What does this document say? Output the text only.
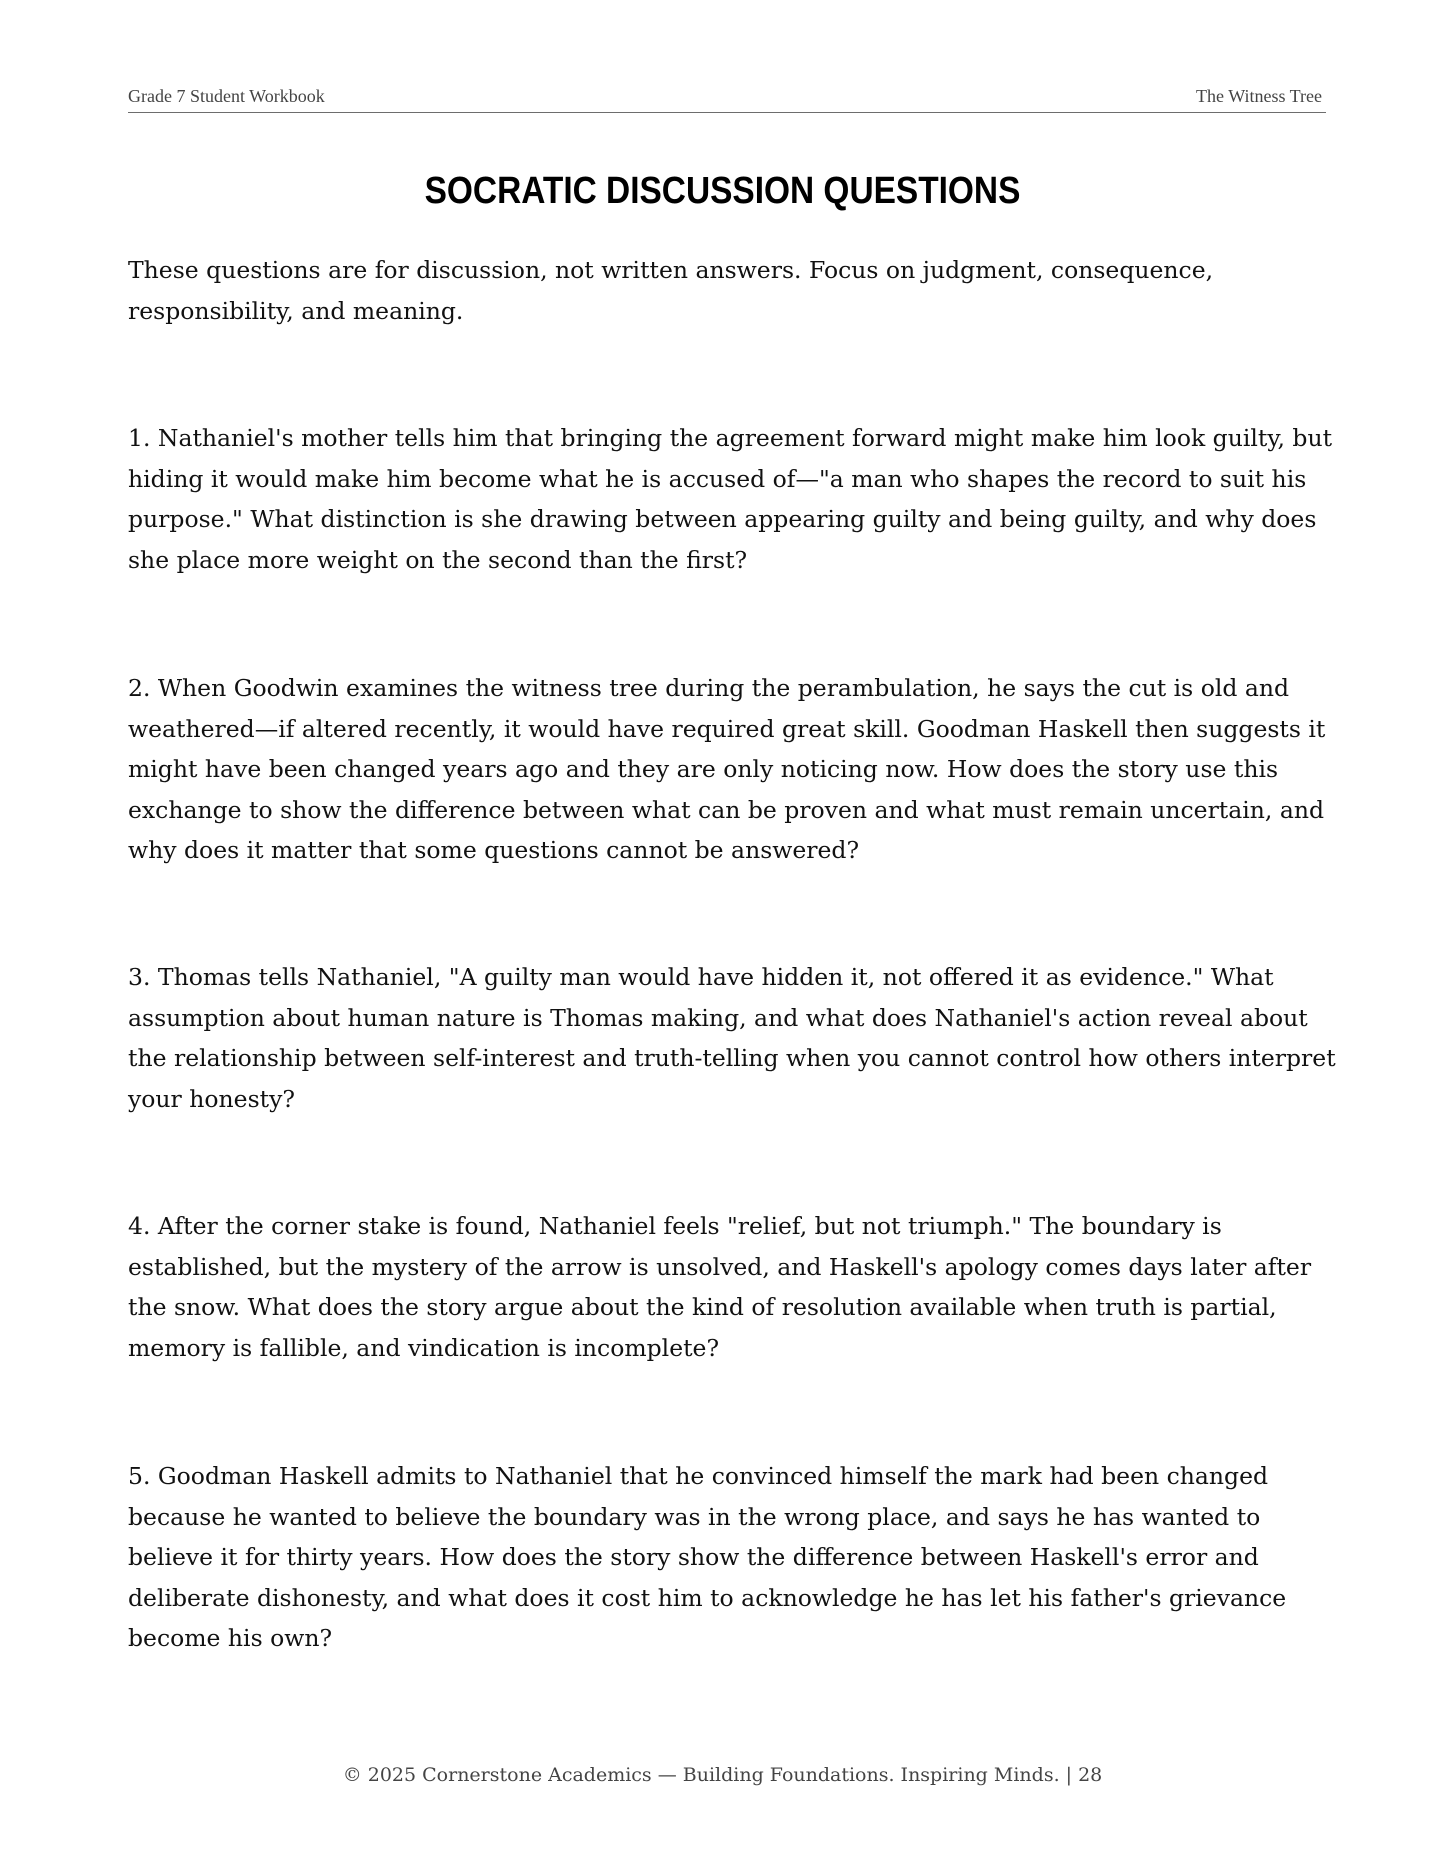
Grade 7 Student Workbook	The Witness Tree
SOCRATIC DISCUSSION QUESTIONS
These questions are for discussion, not written answers. Focus on judgment, consequence, responsibility, and meaning.
1. Nathaniel's mother tells him that bringing the agreement forward might make him look guilty, but hiding it would make him become what he is accused of—"a man who shapes the record to suit his purpose." What distinction is she drawing between appearing guilty and being guilty, and why does she place more weight on the second than the first?
2. When Goodwin examines the witness tree during the perambulation, he says the cut is old and weathered—if altered recently, it would have required great skill. Goodman Haskell then suggests it might have been changed years ago and they are only noticing now. How does the story use this exchange to show the difference between what can be proven and what must remain uncertain, and why does it matter that some questions cannot be answered?
3. Thomas tells Nathaniel, "A guilty man would have hidden it, not offered it as evidence." What assumption about human nature is Thomas making, and what does Nathaniel's action reveal about the relationship between self-interest and truth-telling when you cannot control how others interpret your honesty?
4. After the corner stake is found, Nathaniel feels "relief, but not triumph." The boundary is established, but the mystery of the arrow is unsolved, and Haskell's apology comes days later after the snow. What does the story argue about the kind of resolution available when truth is partial, memory is fallible, and vindication is incomplete?
5. Goodman Haskell admits to Nathaniel that he convinced himself the mark had been changed because he wanted to believe the boundary was in the wrong place, and says he has wanted to believe it for thirty years. How does the story show the difference between Haskell's error and deliberate dishonesty, and what does it cost him to acknowledge he has let his father's grievance become his own?
© 2025 Cornerstone Academics — Building Foundations. Inspiring Minds. | 28
